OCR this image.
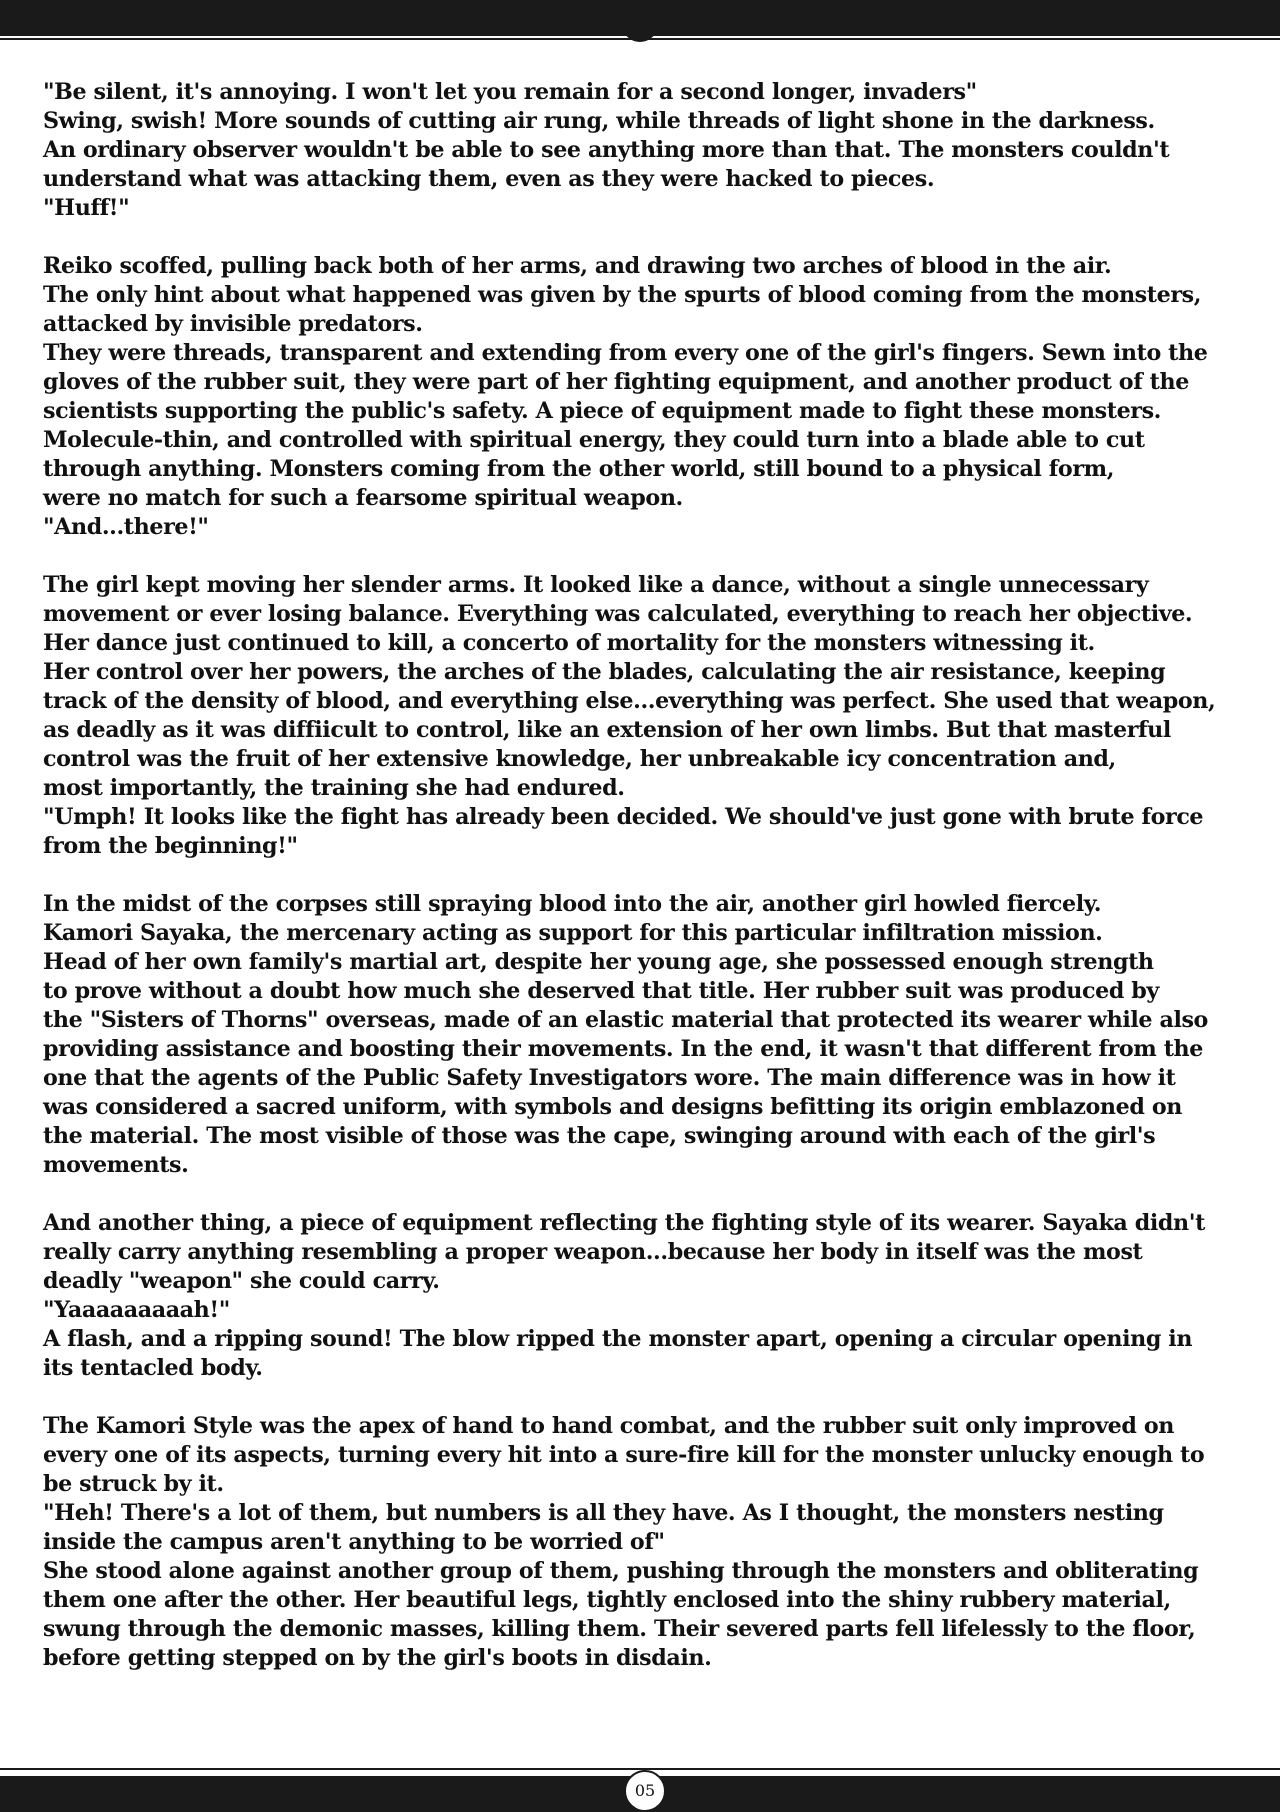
"Be silent, it's annoying. I won't let you remain for a second longer, invaders"
Swing, swish! More sounds of cutting air rung, while threads of light shone in the darkness.
An ordinary observer wouldn't be able to see anything more than that. The monsters couldn't
understand what was attacking them, even as they were hacked to pieces.
"Huff!"
Reiko scoffed, pulling back both of her arms, and drawing two arches of blood in the air.
The only hint about what happened was given by the spurts of blood coming from the monsters,
attacked by invisible predators.
They were threads, transparent and extending from every one of the girl's fingers. Sewn into the
gloves of the rubber suit, they were part of her fighting equipment, and another product of the
scientists supporting the public's safety. A piece of equipment made to fight these monsters.
Molecule-thin, and controlled with spiritual energy, they could turn into a blade able to cut
through anything. Monsters coming from the other world, still bound to a physical form,
were no match for such a fearsome spiritual weapon.
"And...there!"
The girl kept moving her slender arms. It looked like a dance, without a single unnecessary
movement or ever losing balance. Everything was calculated, everything to reach her objective.
Her dance just continued to kill, a concerto of mortality for the monsters witnessing it.
Her control over her powers, the arches of the blades, calculating the air resistance, keeping
track of the density of blood, and everything else...everything was perfect. She used that weapon,
as deadly as it was diffiicult to control, like an extension of her own limbs. But that masterful
control was the fruit of her extensive knowledge, her unbreakable icy concentration and,
most importantly, the training she had endured.
"Umph! It looks like the fight has already been decided. We should've just gone with brute force
from the beginning!"
In the midst of the corpses still spraying blood into the air, another girl howled fiercely.
Kamori Sayaka, the mercenary acting as support for this particular infiltration mission.
Head of her own family's martial art, despite her young age, she possessed enough strength
to prove without a doubt how much she deserved that title. Her rubber suit was produced by
the "Sisters of Thorns" overseas, made of an elastic material that protected its wearer while also
providing assistance and boosting their movements. In the end, it wasn't that different from the
one that the agents of the Public Safety Investigators wore. The main difference was in how it
was considered a sacred uniform, with symbols and designs befitting its origin emblazoned on
the material. The most visible of those was the cape, swinging around with each of the girl's
movements.
And another thing, a piece of equipment reflecting the fighting style of its wearer. Sayaka didn't
really carry anything resembling a proper weapon...because her body in itself was the most
deadly "weapon" she could carry.
"Yaaaaaaaaah!"
A flash, and a ripping sound! The blow ripped the monster apart, opening a circular opening in
its tentacled body.
The Kamori Style was the apex of hand to hand combat, and the rubber suit only improved on
every one of its aspects, turning every hit into a sure-fire kill for the monster unlucky enough to
be struck by it.
"Heh! There's a lot of them, but numbers is all they have. As I thought, the monsters nesting
inside the campus aren't anything to be worried of"
She stood alone against another group of them, pushing through the monsters and obliterating
them one after the other. Her beautiful legs, tightly enclosed into the shiny rubbery material,
swung through the demonic masses, killing them. Their severed parts fell lifelessly to the floor,
before getting stepped on by the girl's boots in disdain.
05
